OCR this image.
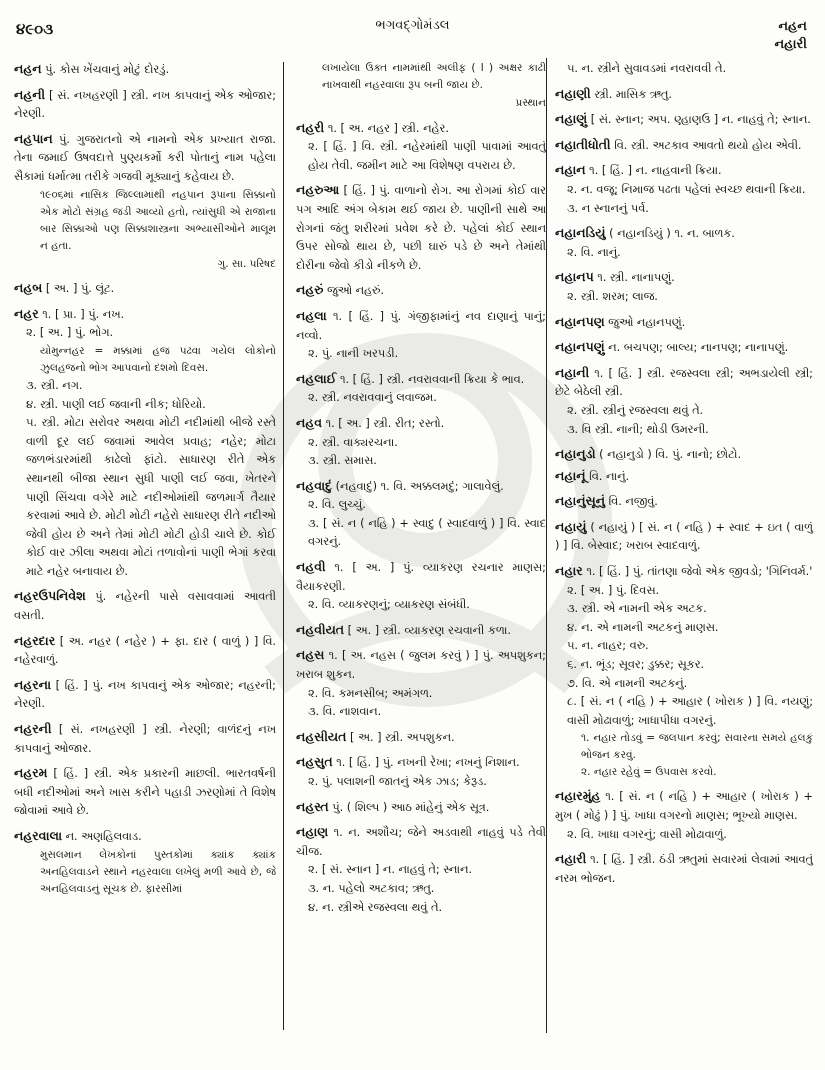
૪૯૦૩	ભગવદ્ગોમંડલ	નહન
નહારી
નહન પું. કોસ ખેંચવાનું મોટું દોરડું.
નહની [ સં. નખહરણી ] સ્ત્રી. નખ કાપવાનું એક ઓજાર; નેરણી.
નહપાન પું. ગુજરાતનો એ નામનો એક પ્રખ્યાત રાજા. તેના જમાઈ ઉષવદાત્તે પુણ્યકર્મો કરી પોતાનું નામ પહેલા સૈકામાં ધર્માત્મા તરીકે ગજવી મૂક્યાનું કહેવાય છે.
૧૯૦૬માં નાસિક જિલ્લામાંથી નહપાન રૂપાના સિક્કાનો એક મોટો સંગ્રહ જડી આવ્યો હતો, ત્યાંસુધી એ રાજાના બાર સિક્કાઓ પણ સિક્કાશાસ્ત્રના અભ્યાસીઓને માલૂમ ન હતા.
ગુ. સા. પરિષદ
નહબ [ અ. ] પું. લૂંટ.
નહર ૧. [ પ્રા. ] પું. નખ.
૨. [ અ. ] પું. ભોગ.
યોમુન્નહર = મક્કામાં હજ પઢવા ગયેલ લોકોનો ઝુલહજનો ભોગ આપવાનો દશમો દિવસ.
૩. સ્ત્રી. નગ.
૪. સ્ત્રી. પાણી લઈ જવાની નીક; ધોરિયો.
૫. સ્ત્રી. મોટા સરોવર અથવા મોટી નદીમાંથી બીજે રસ્તે વાળી દૂર લઈ જવામાં આવેલ પ્રવાહ; નહેર; મોટા જળભંડારમાંથી કાઢેલો ફાંટો. સાધારણ રીતે એક સ્થાનથી બીજા સ્થાન સુધી પાણી લઈ જવા, ખેતરને પાણી સિંચવા વગેરે માટે નદીઓમાંથી જળમાર્ગ તૈયાર કરવામાં આવે છે. મોટી મોટી નહેરો સાધારણ રીતે નદીઓ જેવી હોય છે અને તેમાં મોટી મોટી હોડી ચાલે છે. કોઈ કોઈ વાર ઝીલા અથવા મોટાં તળાવોનાં પાણી ભેગાં કરવા માટે નહેર બનાવાય છે.
નહરઉપનિવેશ પું. નહેરની પાસે વસાવવામાં આવતી વસતી.
નહરદાર [ અ. નહર ( નહેર ) + ફા. દાર ( વાળું ) ] વિ. નહેરવાળું.
નહરના [ હિં. ] પું. નખ કાપવાનું એક ઓજાર; નહરની; નેરણી.
નહરની [ સં. નખહરણી ] સ્ત્રી. નેરણી; વાળંદનું નખ કાપવાનું ઓજાર.
નહરમ [ હિં. ] સ્ત્રી. એક પ્રકારની માછલી. ભારતવર્ષની બધી નદીઓમાં અને ખાસ કરીને પહાડી ઝરણોમાં તે વિશેષ જોવામાં આવે છે.
નહરવાલા ન. અણહિલવાડ.
મુસલમાન લેખકોનાં પુસ્તકોમાં ક્યાંક ક્યાંક અનહિલવાડને સ્થાને નહરવાલા લખેલું મળી આવે છે, જે અનહિલવાડનું સૂચક છે. ફારસીમાં
લખાયેલા ઉક્ત નામમાંથી અલીફ ( ا ) અક્ષર કાઢી નાખવાથી નહરવાલા રૂપ બની જાય છે.
પ્રસ્થાન
નહરી ૧. [ અ. નહર ] સ્ત્રી. નહેર.
૨. [ હિં. ] વિ. સ્ત્રી. નહેરમાંથી પાણી પાવામાં આવતું હોય તેવી. જમીન માટે આ વિશેષણ વપરાય છે.
નહરુઆ [ હિં. ] પું. વાળાનો રોગ. આ રોગમાં કોઈ વાર પગ આદિ અંગ બેકામ થઈ જાય છે. પાણીની સાથે આ રોગનાં જંતુ શરીરમાં પ્રવેશ કરે છે. પહેલાં કોઈ સ્થાન ઉપર સોજો થાય છે, પછી ઘારું પડે છે અને તેમાંથી દોરીના જેવો કીડો નીકળે છે.
નહરું જુઓ નહરું.
નહલા ૧. [ હિં. ] પું. ગંજીફામાંનું નવ દાણાનું પાનું; નવ્વો.
૨. પું. નાની ખરપડી.
નહલાઈ ૧. [ હિં. ] સ્ત્રી. નવરાવવાની ક્રિયા કે ભાવ.
૨. સ્ત્રી. નવરાવવાનું લવાજમ.
નહવ ૧. [ અ. ] સ્ત્રી. રીત; રસ્તો.
૨. સ્ત્રી. વાક્યરચના.
૩. સ્ત્રી. સમાસ.
નહવાદું (નહવાદું) ૧. વિ. અક્કલમદું; ગાલાવેલું.
૨. વિ. લુચ્ચું.
૩. [ સં. ન ( નહિ ) + સ્વાદુ ( સ્વાદવાળું ) ] વિ. સ્વાદ વગરનું.
નહવી ૧. [ અ. ] પું. વ્યાકરણ રચનાર માણસ; વૈયાકરણી.
૨. વિ. વ્યાકરણનું; વ્યાકરણ સંબંધી.
નહવીયત [ અ. ] સ્ત્રી. વ્યાકરણ રચવાની કળા.
નહસ ૧. [ અ. નહસ ( જુલમ કરવું ) ] પું. અપશુકન; ખરાબ શુકન.
૨. વિ. કમનસીબ; અમંગળ.
૩. વિ. નાશવાન.
નહસીયત [ અ. ] સ્ત્રી. અપશુકન.
નહસુત ૧. [ હિં. ] પું. નખની રેખા; નખનું નિશાન.
૨. પું. પલાશની જાતનું એક ઝાડ; કેરૂડ.
નહસ્ત પું. ( શિલ્પ ) આઠ માંહેનું એક સૂત્ર.
નહાણ ૧. ન. અશૌચ; જેને અડવાથી નાહવું પડે તેવી ચીજ.
૨. [ સં. સ્નાન ] ન. નાહવું તે; સ્નાન.
૩. ન. પહેલો અટકાવ; ઋતુ.
૪. ન. સ્ત્રીએ રજસ્વલા થવું તે.
૫. ન. સ્ત્રીને સુવાવડમાં નવરાવવી તે.
નહાણી સ્ત્રી. માસિક ઋતુ.
નહાણું [ સં. સ્નાન; અપ. ણ્હાણઉ ] ન. નાહવું તે; સ્નાન.
નહાતીધોતી વિ. સ્ત્રી. અટકાવ આવતો થયો હોય એવી.
નહાન ૧. [ હિં. ] ન. નાહવાની ક્રિયા.
૨. ન. વજૂ; નિમાજ પઢતા પહેલાં સ્વચ્છ થવાની ક્રિયા.
૩. ન સ્નાનનું પર્વ.
નહાનડિયું ( નહાનડિયું ) ૧. ન. બાળક.
૨. વિ. નાનું.
નહાનપ ૧. સ્ત્રી. નાનાપણું.
૨. સ્ત્રી. શરમ; લાજ.
નહાનપણ જુઓ નહાનપણું.
નહાનપણું ન. બચપણ; બાલ્ય; નાનપણ; નાનાપણું.
નહાની ૧. [ હિં. ] સ્ત્રી. રજસ્વલા સ્ત્રી; અભડાયેલી સ્ત્રી; છેટે બેઠેલી સ્ત્રી.
૨. સ્ત્રી. સ્ત્રીનું રજસ્વલા થવું તે.
૩. વિ સ્ત્રી. નાની; થોડી ઉમરની.
નહાનુડો ( નહાનુડો ) વિ. પું. નાનો; છોટો.
નહાનૂં વિ. નાનું.
નહાનુંસૂનું વિ. નજીવું.
નહાયું ( નહાયું ) [ સં. ન ( નહિ ) + સ્વાદ + ઇત ( વાળું ) ] વિ. બેસ્વાદ; ખરાબ સ્વાદવાળું.
નહાર ૧. [ હિં. ] પું. તાંતણા જેવો એક જીવડો; 'ગિનિવર્મ.'
૨. [ અ. ] પું. દિવસ.
૩. સ્ત્રી. એ નામની એક અટક.
૪. ન. એ નામની અટકનું માણસ.
૫. ન. નાહર; વરુ.
૬. ન. ભૂંડ; સૂવર; ડુક્કર; સૂકર.
૭. વિ. એ નામની અટકનું.
૮. [ સં. ન ( નહિ ) + આહાર ( ખોરાક ) ] વિ. નયણું; વાસી મોઢાવાળું; ખાધાપીધા વગરનું.
૧. નહાર તોડવું = જલપાન કરવું; સવારના સમયે હલકું ભોજન કરવું.
૨. નહાર રહેવું = ઉપવાસ કરવો.
નહારમુંહ ૧. [ સં. ન ( નહિ ) + આહાર ( ખોરાક ) + મુખ ( મોઢું ) ] પું. ખાધા વગરનો માણસ; ભૂખ્યો માણસ.
૨. વિ. ખાધા વગરનું; વાસી મોઢાવાળું.
નહારી ૧. [ હિં. ] સ્ત્રી. ઠંડી ઋતુમાં સવારમાં લેવામાં આવતું નરમ ભોજન.
